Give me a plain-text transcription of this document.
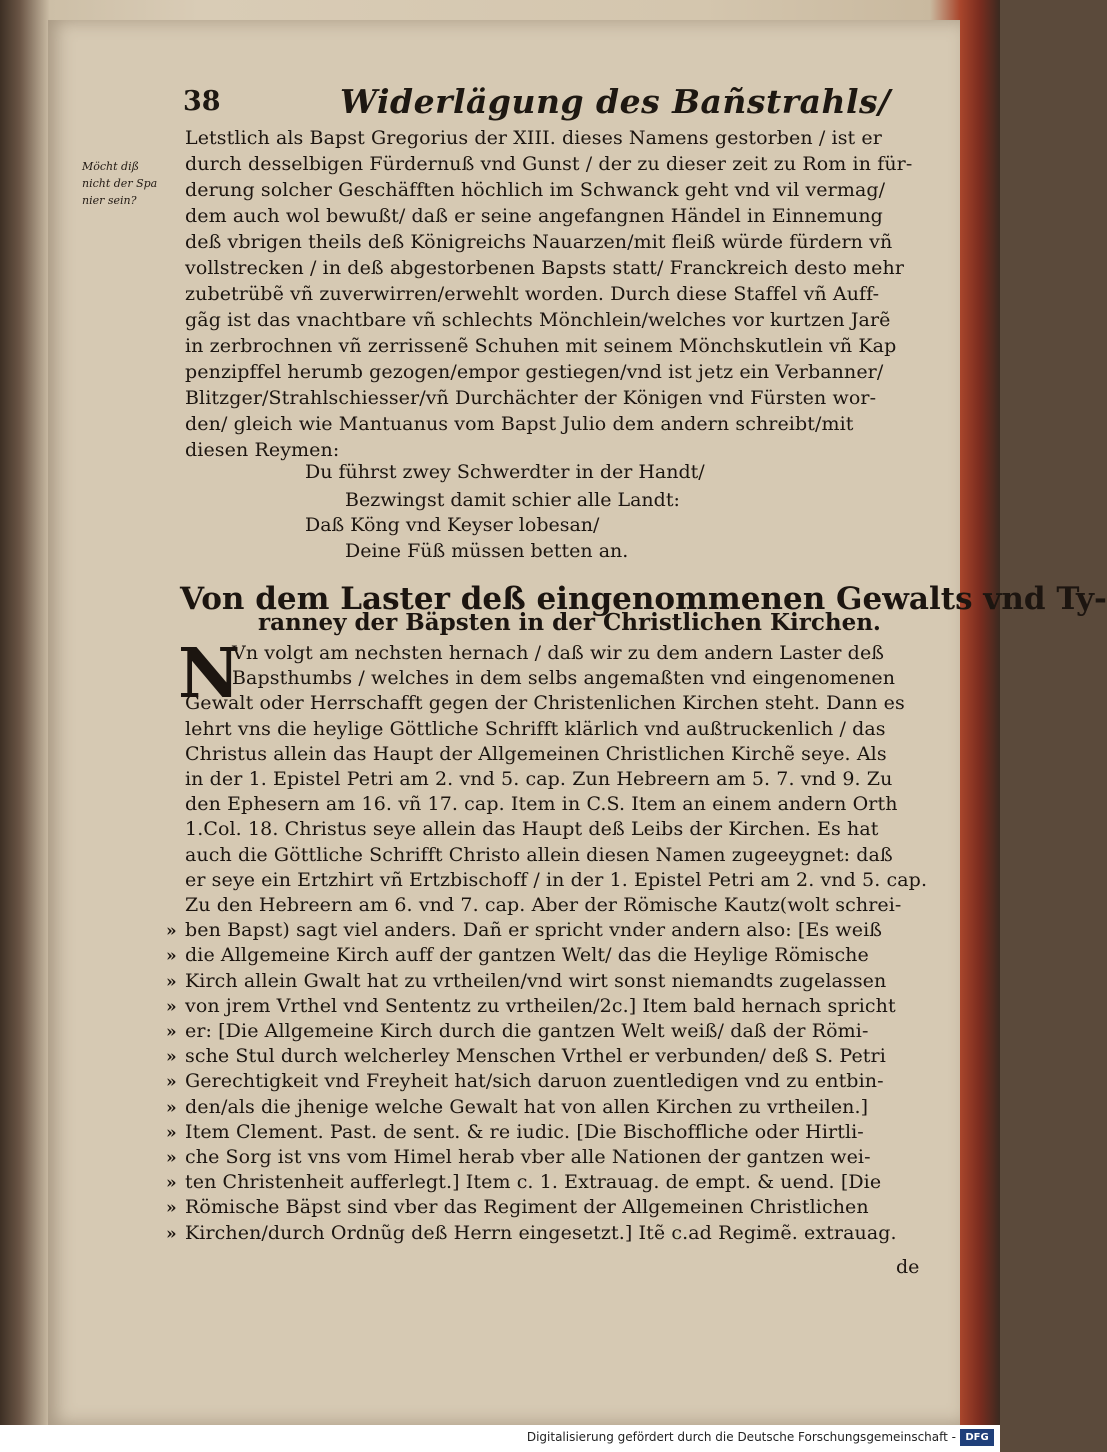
38	Widerlägung des Bañstrahls/
Möcht diß
nicht der Spa
nier sein?
Letstlich als Bapst Gregorius der XIII. dieses Namens gestorben / ist er
durch desselbigen Fürdernuß vnd Gunst / der zu dieser zeit zu Rom in für-
derung solcher Geschäfften höchlich im Schwanck geht vnd vil vermag/
dem auch wol bewußt/ daß er seine angefangnen Händel in Einnemung
deß vbrigen theils deß Königreichs Nauarzen/mit fleiß würde fürdern vñ
vollstrecken / in deß abgestorbenen Bapsts statt/ Franckreich desto mehr
zubetrübẽ vñ zuverwirren/erwehlt worden. Durch diese Staffel vñ Auff-
gãg ist das vnachtbare vñ schlechts Mönchlein/welches vor kurtzen Jarẽ
in zerbrochnen vñ zerrissenẽ Schuhen mit seinem Mönchskutlein vñ Kap
penzipffel herumb gezogen/empor gestiegen/vnd ist jetz ein Verbanner/
Blitzger/Strahlschiesser/vñ Durchächter der Königen vnd Fürsten wor-
den/ gleich wie Mantuanus vom Bapst Julio dem andern schreibt/mit
diesen Reymen:
Du führst zwey Schwerdter in der Handt/
Bezwingst damit schier alle Landt:
Daß Köng vnd Keyser lobesan/
Deine Füß müssen betten an.
Von dem Laster deß eingenommenen Gewalts vnd Ty-
ranney der Bäpsten in der Christlichen Kirchen.
N
Vn volgt am nechsten hernach / daß wir zu dem andern Laster deß
Bapsthumbs / welches in dem selbs angemaßten vnd eingenomenen
Gewalt oder Herrschafft gegen der Christenlichen Kirchen steht. Dann es
lehrt vns die heylige Göttliche Schrifft klärlich vnd außtruckenlich / das
Christus allein das Haupt der Allgemeinen Christlichen Kirchẽ seye. Als
in der 1. Epistel Petri am 2. vnd 5. cap. Zun Hebreern am 5. 7. vnd 9. Zu
den Ephesern am 16. vñ 17. cap. Item in C.S. Item an einem andern Orth
1.Col. 18. Christus seye allein das Haupt deß Leibs der Kirchen. Es hat
auch die Göttliche Schrifft Christo allein diesen Namen zugeeygnet: daß
er seye ein Ertzhirt vñ Ertzbischoff / in der 1. Epistel Petri am 2. vnd 5. cap.
Zu den Hebreern am 6. vnd 7. cap. Aber der Römische Kautz(wolt schrei-
ben Bapst) sagt viel anders. Dañ er spricht vnder andern also: [Es weiß
die Allgemeine Kirch auff der gantzen Welt/ das die Heylige Römische
Kirch allein Gwalt hat zu vrtheilen/vnd wirt sonst niemandts zugelassen
von jrem Vrthel vnd Sententz zu vrtheilen/2c.] Item bald hernach spricht
er: [Die Allgemeine Kirch durch die gantzen Welt weiß/ daß der Römi-
sche Stul durch welcherley Menschen Vrthel er verbunden/ deß S. Petri
Gerechtigkeit vnd Freyheit hat/sich daruon zuentledigen vnd zu entbin-
den/als die jhenige welche Gewalt hat von allen Kirchen zu vrtheilen.]
Item Clement. Past. de sent. & re iudic. [Die Bischoffliche oder Hirtli-
che Sorg ist vns vom Himel herab vber alle Nationen der gantzen wei-
ten Christenheit aufferlegt.] Item c. 1. Extrauag. de empt. & uend. [Die
Römische Bäpst sind vber das Regiment der Allgemeinen Christlichen
Kirchen/durch Ordnũg deß Herrn eingesetzt.] Itẽ c.ad Regimẽ. extrauag.
»
»
»
»
»
»
»
»
»
»
»
»
»
de
Digitalisierung gefördert durch die Deutsche Forschungsgemeinschaft - DFG
